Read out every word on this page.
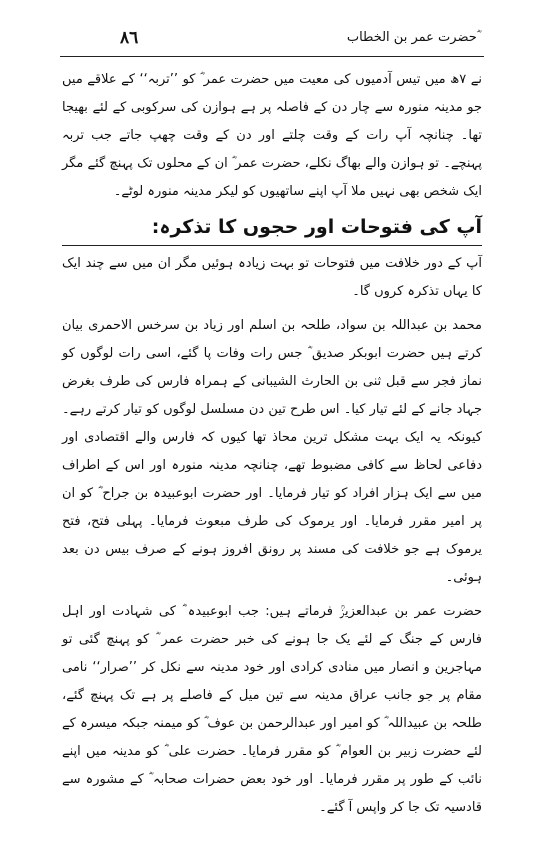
٨٦	حضرت عمر بن الخطاب ؓ

نے ۷ھ میں تیس آدمیوں کی معیت میں حضرت عمر ؓ کو ’’تربہ‘‘ کے علاقے میں جو مدینہ منورہ سے چار دن کے فاصلہ پر ہے ہوازن کی سرکوبی کے لئے بھیجا تھا۔ چنانچہ آپ رات کے وقت چلتے اور دن کے وقت چھپ جاتے جب تربہ پہنچے۔ تو ہوازن والے بھاگ نکلے، حضرت عمر ؓ ان کے محلوں تک پہنچ گئے مگر ایک شخص بھی نہیں ملا آپ اپنے ساتھیوں کو لیکر مدینہ منورہ لوٹے۔

آپ کی فتوحات اور حجوں کا تذکرہ:

آپ کے دور خلافت میں فتوحات تو بہت زیادہ ہوئیں مگر ان میں سے چند ایک کا یہاں تذکرہ کروں گا۔

محمد بن عبداللہ بن سواد، طلحہ بن اسلم اور زیاد بن سرخس الاحمری بیان کرتے ہیں حضرت ابوبکر صدیق ؓ جس رات وفات پا گئے، اسی رات لوگوں کو نماز فجر سے قبل ثنی بن الحارث الشیبانی کے ہمراہ فارس کی طرف بغرض جہاد جانے کے لئے تیار کیا۔ اس طرح تین دن مسلسل لوگوں کو تیار کرتے رہے۔ کیونکہ یہ ایک بہت مشکل ترین محاذ تھا کیوں کہ فارس والے اقتصادی اور دفاعی لحاظ سے کافی مضبوط تھے، چنانچہ مدینہ منورہ اور اس کے اطراف میں سے ایک ہزار افراد کو تیار فرمایا۔ اور حضرت ابوعبیدہ بن جراح ؓ کو ان پر امیر مقرر فرمایا۔ اور یرموک کی طرف مبعوث فرمایا۔ پہلی فتح، فتح یرموک ہے جو خلافت کی مسند پر رونق افروز ہونے کے صرف بیس دن بعد ہوئی۔

حضرت عمر بن عبدالعزیزؒ فرماتے ہیں: جب ابوعبیدہ ؓ کی شہادت اور اہل فارس کے جنگ کے لئے یک جا ہونے کی خبر حضرت عمر ؓ کو پہنچ گئی تو مہاجرین و انصار میں منادی کرادی اور خود مدینہ سے نکل کر ’’صرار‘‘ نامی مقام پر جو جانب عراق مدینہ سے تین میل کے فاصلے پر ہے تک پہنچ گئے، طلحہ بن عبیداللہ ؓ کو امیر اور عبدالرحمن بن عوف ؓ کو میمنہ جبکہ میسرہ کے لئے حضرت زبیر بن العوام ؓ کو مقرر فرمایا۔ حضرت علی ؓ کو مدینہ میں اپنے نائب کے طور پر مقرر فرمایا۔ اور خود بعض حضرات صحابہ ؓ کے مشورہ سے قادسیہ تک جا کر واپس آ گئے۔
